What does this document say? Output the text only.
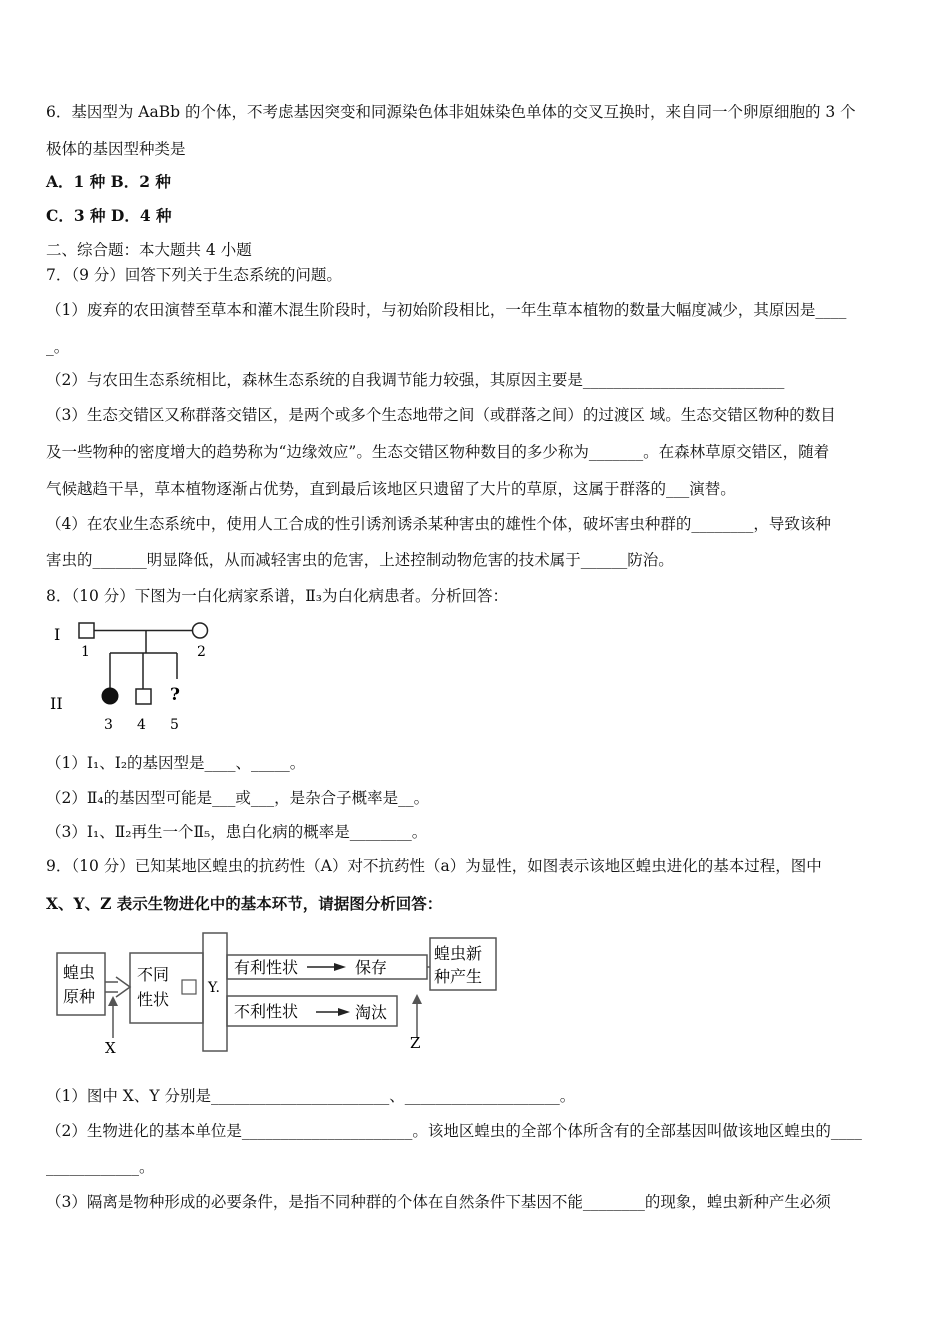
6．基因型为 AaBb 的个体，不考虑基因突变和同源染色体非姐妹染色单体的交叉互换时，来自同一个卵原细胞的 3 个
极体的基因型种类是
A．1 种 B．2 种
C．3 种 D．4 种
二、综合题：本大题共 4 小题
7．（9 分）回答下列关于生态系统的问题。
（1）废弃的农田演替至草本和灌木混生阶段时，与初始阶段相比，一年生草本植物的数量大幅度减少，其原因是____
_。
（2）与农田生态系统相比，森林生态系统的自我调节能力较强，其原因主要是__________________________
（3）生态交错区又称群落交错区，是两个或多个生态地带之间（或群落之间）的过渡区 域。生态交错区物种的数目
及一些物种的密度增大的趋势称为“边缘效应”。生态交错区物种数目的多少称为_______。在森林草原交错区，随着
气候越趋干旱，草本植物逐渐占优势，直到最后该地区只遗留了大片的草原，这属于群落的___演替。
（4）在农业生态系统中，使用人工合成的性引诱剂诱杀某种害虫的雄性个体，破坏害虫种群的________，导致该种
害虫的_______明显降低，从而减轻害虫的危害，上述控制动物危害的技术属于______防治。
8．（10 分）下图为一白化病家系谱，Ⅱ₃为白化病患者。分析回答：
I
1	2
?
II
3 4 5
（1）Ⅰ₁、Ⅰ₂的基因型是____、_____。
（2）Ⅱ₄的基因型可能是___或___，是杂合子概率是__。
（3）Ⅰ₁、Ⅱ₂再生一个Ⅱ₅，患白化病的概率是________。
9．（10 分）已知某地区蝗虫的抗药性（A）对不抗药性（a）为显性，如图表示该地区蝗虫进化的基本过程，图中
X、Y、Z 表示生物进化中的基本环节，请据图分析回答：
蝗虫
原种
X
不同
性状
Y.
有利性状	保存
不利性状	淘汰
Z
蝗虫新
种产生
（1）图中 X、Y 分别是_______________________、____________________。
（2）生物进化的基本单位是______________________。该地区蝗虫的全部个体所含有的全部基因叫做该地区蝗虫的____
____________。
（3）隔离是物种形成的必要条件，是指不同种群的个体在自然条件下基因不能________的现象，蝗虫新种产生必须
